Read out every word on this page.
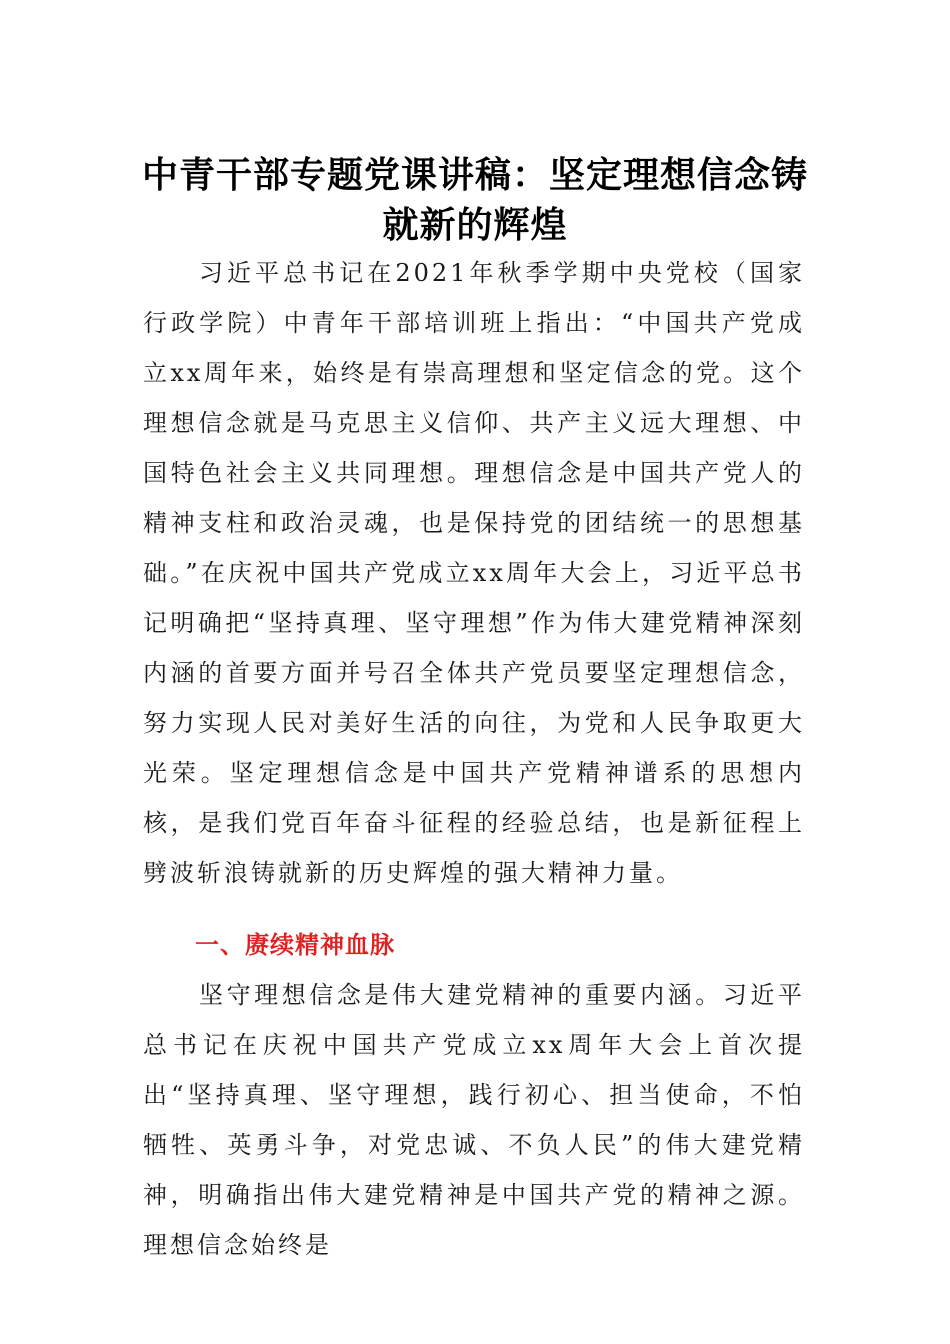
中青干部专题党课讲稿：坚定理想信念铸就新的辉煌

习近平总书记在2021年秋季学期中央党校（国家行政学院）中青年干部培训班上指出：“中国共产党成立xx周年来，始终是有崇高理想和坚定信念的党。这个理想信念就是马克思主义信仰、共产主义远大理想、中国特色社会主义共同理想。理想信念是中国共产党人的精神支柱和政治灵魂，也是保持党的团结统一的思想基础。”在庆祝中国共产党成立xx周年大会上，习近平总书记明确把“坚持真理、坚守理想”作为伟大建党精神深刻内涵的首要方面并号召全体共产党员要坚定理想信念，努力实现人民对美好生活的向往，为党和人民争取更大光荣。坚定理想信念是中国共产党精神谱系的思想内核，是我们党百年奋斗征程的经验总结，也是新征程上劈波斩浪铸就新的历史辉煌的强大精神力量。

一、赓续精神血脉

坚守理想信念是伟大建党精神的重要内涵。习近平总书记在庆祝中国共产党成立xx周年大会上首次提出“坚持真理、坚守理想，践行初心、担当使命，不怕牺牲、英勇斗争，对党忠诚、不负人民”的伟大建党精神，明确指出伟大建党精神是中国共产党的精神之源。理想信念始终是
